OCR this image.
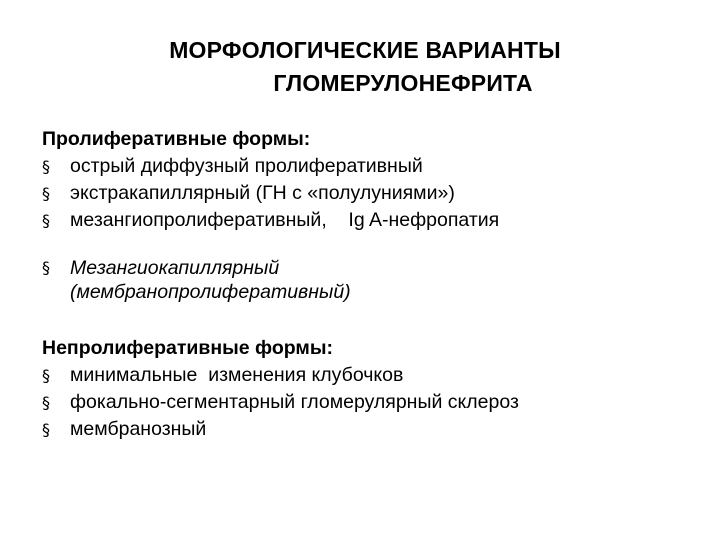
МОРФОЛОГИЧЕСКИЕ ВАРИАНТЫ
ГЛОМЕРУЛОНЕФРИТА
Пролиферативные формы:
§ острый диффузный пролиферативный
§ экстракапиллярный (ГН с «полулуниями»)
§ мезангиопролиферативный,    Ig A-нефропатия
§ Мезангиокапиллярный
(мембранопролиферативный)
Непролиферативные формы:
§ минимальные  изменения клубочков
§ фокально-сегментарный гломерулярный склероз
§ мембранозный
